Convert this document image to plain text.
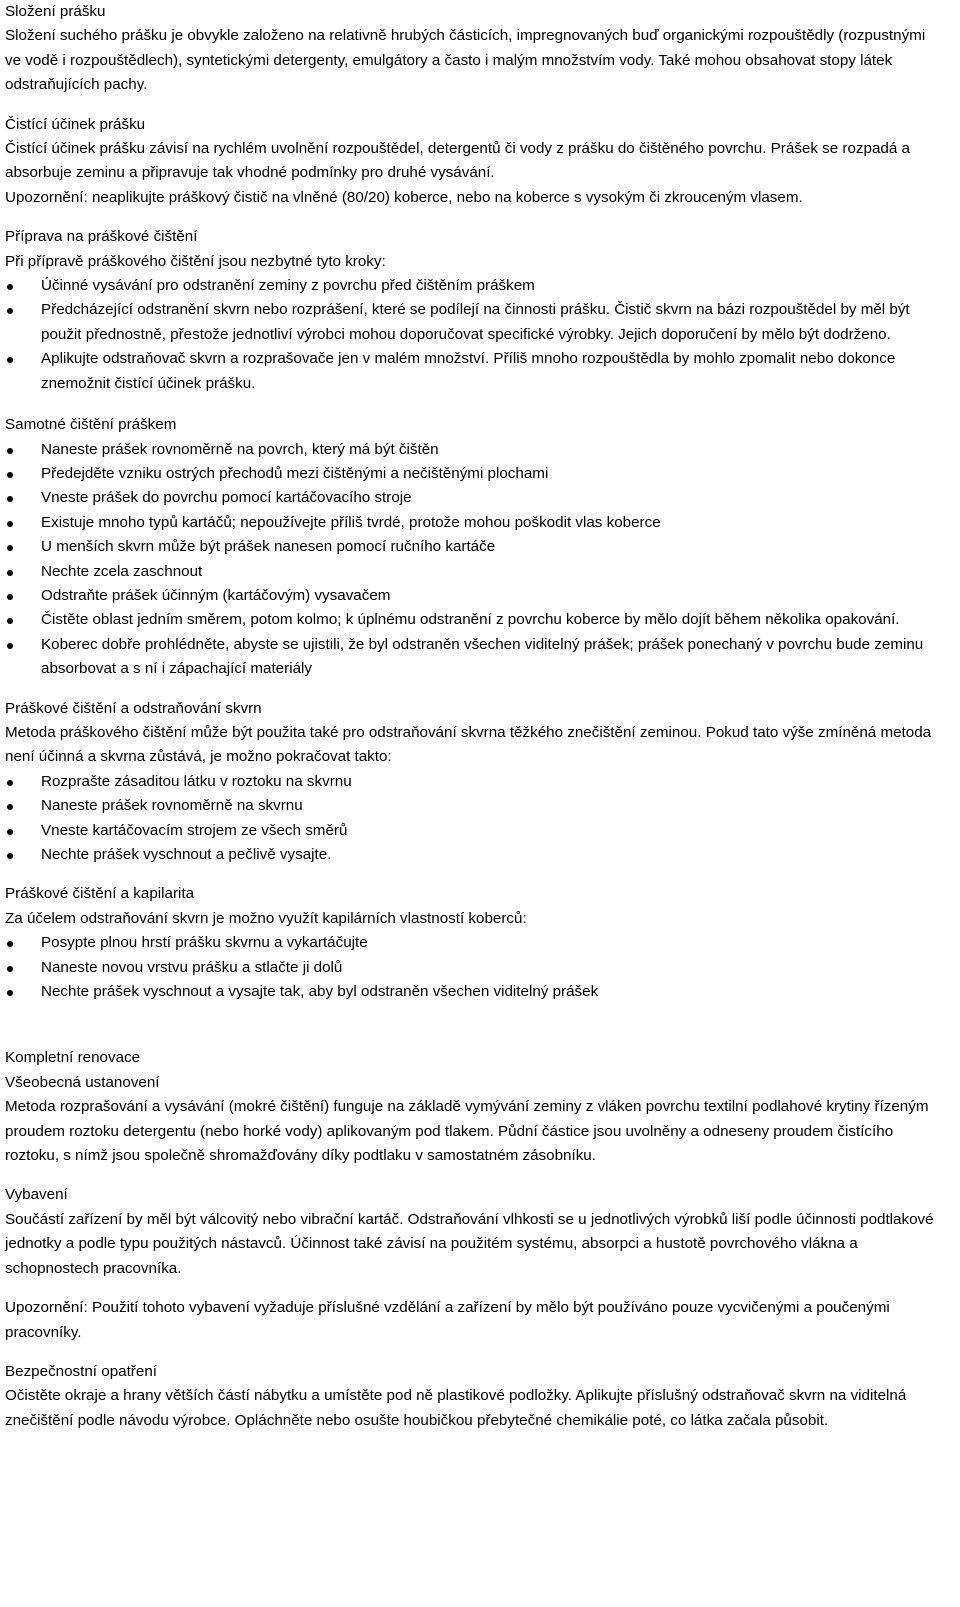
Složení prášku
Složení suchého prášku je obvykle založeno na relativně hrubých částicích, impregnovaných buď organickými rozpouštědly (rozpustnými ve vodě i rozpouštědlech), syntetickými detergenty, emulgátory a často i malým množstvím vody. Také mohou obsahovat stopy látek odstraňujících pachy.
Čistící účinek prášku
Čistící účinek prášku závisí na rychlém uvolnění rozpouštědel, detergentů či vody z prášku do čištěného povrchu. Prášek se rozpadá a absorbuje zeminu a připravuje tak vhodné podmínky pro druhé vysávání.
Upozornění: neaplikujte práškový čistič na vlněné (80/20) koberce, nebo na koberce s vysokým či zkrouceným vlasem.
Příprava na práškové čištění
Při přípravě práškového čištění jsou nezbytné tyto kroky:
Účinné vysávání pro odstranění zeminy z povrchu před čištěním práškem
Předcházející odstranění skvrn nebo rozprášení, které se podílejí na činnosti prášku. Čistič skvrn na bázi rozpouštědel by měl být použit přednostně, přestože jednotliví výrobci mohou doporučovat specifické výrobky. Jejich doporučení by mělo být dodrženo.
Aplikujte odstraňovač skvrn a rozprašovače jen v malém množství. Příliš mnoho rozpouštědla by mohlo zpomalit nebo dokonce znemožnit čistící účinek prášku.
Samotné čištění práškem
Naneste prášek rovnoměrně na povrch, který má být čištěn
Předejděte vzniku ostrých přechodů mezi čištěnými a nečištěnými plochami
Vneste prášek do povrchu pomocí kartáčovacího stroje
Existuje mnoho typů kartáčů; nepoužívejte příliš tvrdé, protože mohou poškodit vlas koberce
U menších skvrn může být prášek nanesen pomocí ručního kartáče
Nechte zcela zaschnout
Odstraňte prášek účinným (kartáčovým) vysavačem
Čistěte oblast jedním směrem, potom kolmo; k úplnému odstranění z povrchu koberce by mělo dojít během několika opakování.
Koberec dobře prohlédněte, abyste se ujistili, že byl odstraněn všechen viditelný prášek; prášek ponechaný v povrchu bude zeminu absorbovat a s ní i zápachající materiály
Práškové čištění a odstraňování skvrn
Metoda práškového čištění může být použita také pro odstraňování skvrna těžkého znečištění zeminou. Pokud tato výše zmíněná metoda není účinná a skvrna zůstává, je možno pokračovat takto:
Rozprašte zásaditou látku v roztoku na skvrnu
Naneste prášek rovnoměrně na skvrnu
Vneste kartáčovacím strojem ze všech směrů
Nechte prášek vyschnout a pečlivě vysajte.
Práškové čištění a kapilarita
Za účelem odstraňování skvrn je možno využít kapilárních vlastností koberců:
Posypte plnou hrstí prášku skvrnu a vykartáčujte
Naneste novou vrstvu prášku a stlačte ji dolů
Nechte prášek vyschnout a vysajte tak, aby byl odstraněn všechen viditelný prášek
Kompletní renovace
Všeobecná ustanovení
Metoda rozprašování a vysávání (mokré čištění) funguje na základě vymývání zeminy z vláken povrchu textilní podlahové krytiny řízeným proudem roztoku detergentu (nebo horké vody) aplikovaným pod tlakem. Půdní částice jsou uvolněny a odneseny proudem čistícího roztoku, s nímž jsou společně shromažďovány díky podtlaku v samostatném zásobníku.
Vybavení
Součástí zařízení by měl být válcovitý nebo vibrační kartáč. Odstraňování vlhkosti se u jednotlivých výrobků liší podle účinnosti podtlakové jednotky a podle typu použitých nástavců. Účinnost také závisí na použitém systému, absorpci a hustotě povrchového vlákna a schopnostech pracovníka.
Upozornění: Použití tohoto vybavení vyžaduje příslušné vzdělání a zařízení by mělo být používáno pouze vycvičenými a poučenými pracovníky.
Bezpečnostní opatření
Očistěte okraje a hrany větších částí nábytku a umístěte pod ně plastikové podložky. Aplikujte příslušný odstraňovač skvrn na viditelná znečištění podle návodu výrobce. Opláchněte nebo osušte houbičkou přebytečné chemikálie poté, co látka začala působit.
